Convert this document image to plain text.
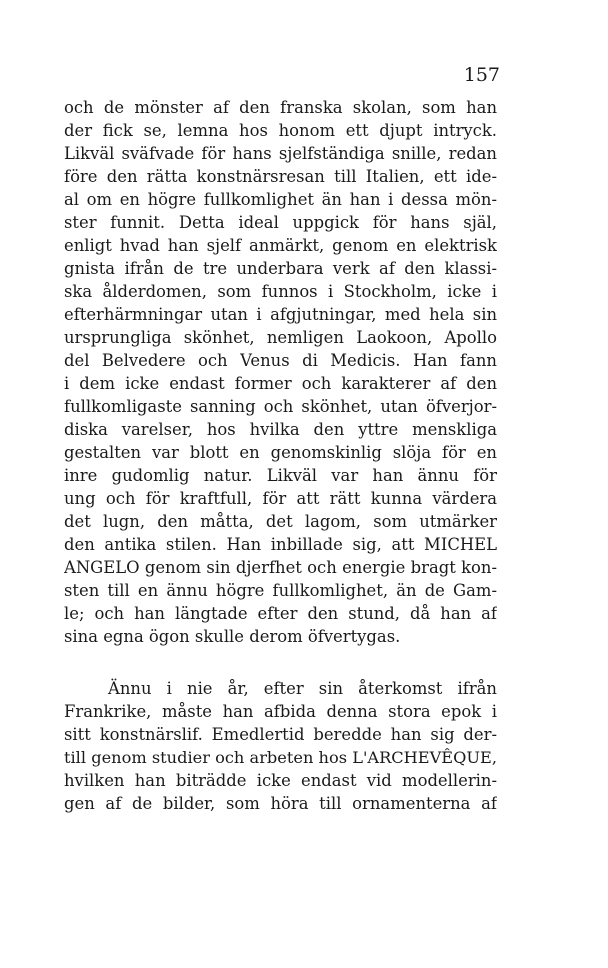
157
och de mönster af den franska skolan, som han
der fick se, lemna hos honom ett djupt intryck.
Likväl sväfvade för hans sjelfständiga snille, redan
före den rätta konstnärsresan till Italien, ett ide-
al om en högre fullkomlighet än han i dessa mön-
ster funnit. Detta ideal uppgick för hans själ,
enligt hvad han sjelf anmärkt, genom en elektrisk
gnista ifrån de tre underbara verk af den klassi-
ska ålderdomen, som funnos i Stockholm, icke i
efterhärmningar utan i afgjutningar, med hela sin
ursprungliga skönhet, nemligen Laokoon, Apollo
del Belvedere och Venus di Medicis. Han fann
i dem icke endast former och karakterer af den
fullkomligaste sanning och skönhet, utan öfverjor-
diska varelser, hos hvilka den yttre menskliga
gestalten var blott en genomskinlig slöja för en
inre gudomlig natur. Likväl var han ännu för
ung och för kraftfull, för att rätt kunna värdera
det lugn, den måtta, det lagom, som utmärker
den antika stilen. Han inbillade sig, att MICHEL
ANGELO genom sin djerfhet och energie bragt kon-
sten till en ännu högre fullkomlighet, än de Gam-
le; och han längtade efter den stund, då han af
sina egna ögon skulle derom öfvertygas.
Ännu i nie år, efter sin återkomst ifrån
Frankrike, måste han afbida denna stora epok i
sitt konstnärslif. Emedlertid beredde han sig der-
till genom studier och arbeten hos L'ARCHEVÊQUE,
hvilken han biträdde icke endast vid modellerin-
gen af de bilder, som höra till ornamenterna af
